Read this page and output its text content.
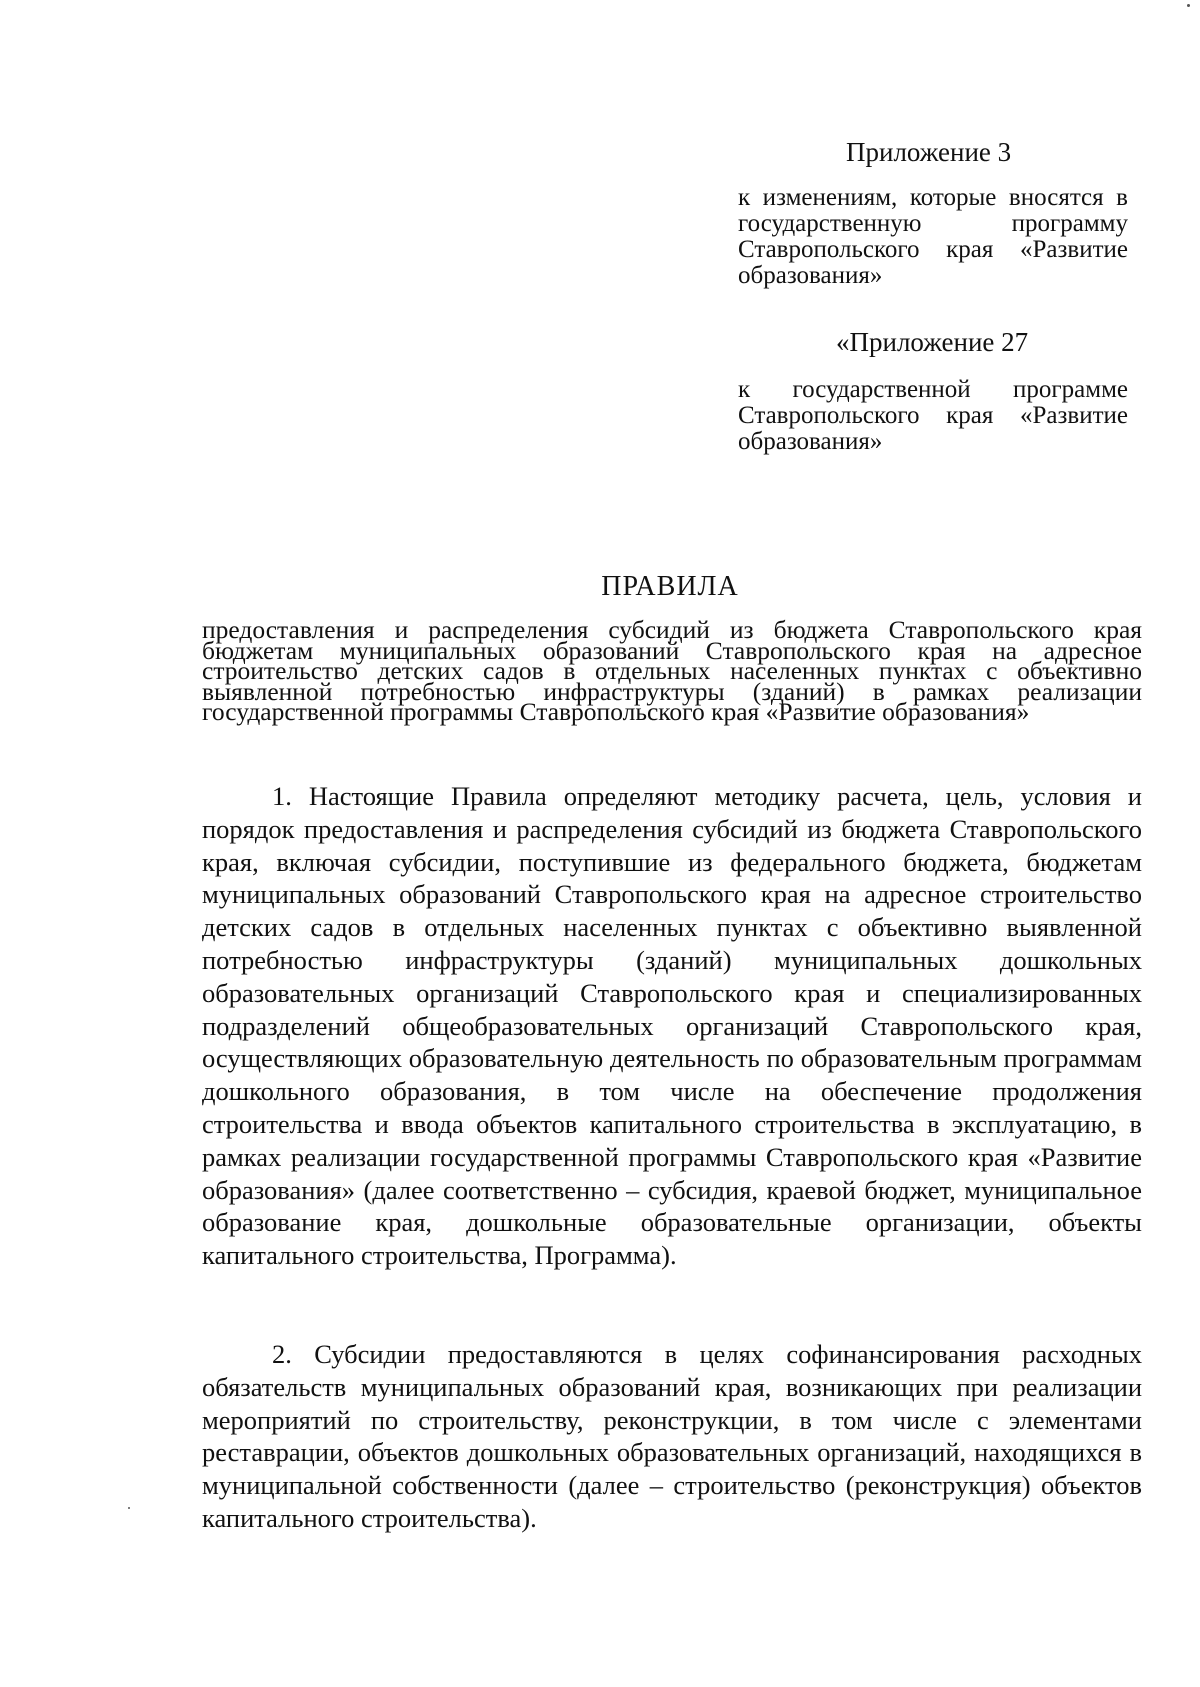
Приложение 3
к изменениям, которые вносятся в государственную программу Ставропольского края «Развитие образования»
«Приложение 27
к государственной программе Ставропольского края «Развитие образования»
ПРАВИЛА
предоставления и распределения субсидий из бюджета Ставропольского края бюджетам муниципальных образований Ставропольского края на адресное строительство детских садов в отдельных населенных пунктах с объективно выявленной потребностью инфраструктуры (зданий) в рамках реализации государственной программы Ставропольского края «Развитие образования»
1. Настоящие Правила определяют методику расчета, цель, условия и порядок предоставления и распределения субсидий из бюджета Ставропольского края, включая субсидии, поступившие из федерального бюджета, бюджетам муниципальных образований Ставропольского края на адресное строительство детских садов в отдельных населенных пунктах с объективно выявленной потребностью инфраструктуры (зданий) муниципальных дошкольных образовательных организаций Ставропольского края и специализированных подразделений общеобразовательных организаций Ставропольского края, осуществляющих образовательную деятельность по образовательным программам дошкольного образования, в том числе на обеспечение продолжения строительства и ввода объектов капитального строительства в эксплуатацию, в рамках реализации государственной программы Ставропольского края «Развитие образования» (далее соответственно – субсидия, краевой бюджет, муниципальное образование края, дошкольные образовательные организации, объекты капитального строительства, Программа).
2. Субсидии предоставляются в целях софинансирования расходных обязательств муниципальных образований края, возникающих при реализации мероприятий по строительству, реконструкции, в том числе с элементами реставрации, объектов дошкольных образовательных организаций, находящихся в муниципальной собственности (далее – строительство (реконструкция) объектов капитального строительства).
